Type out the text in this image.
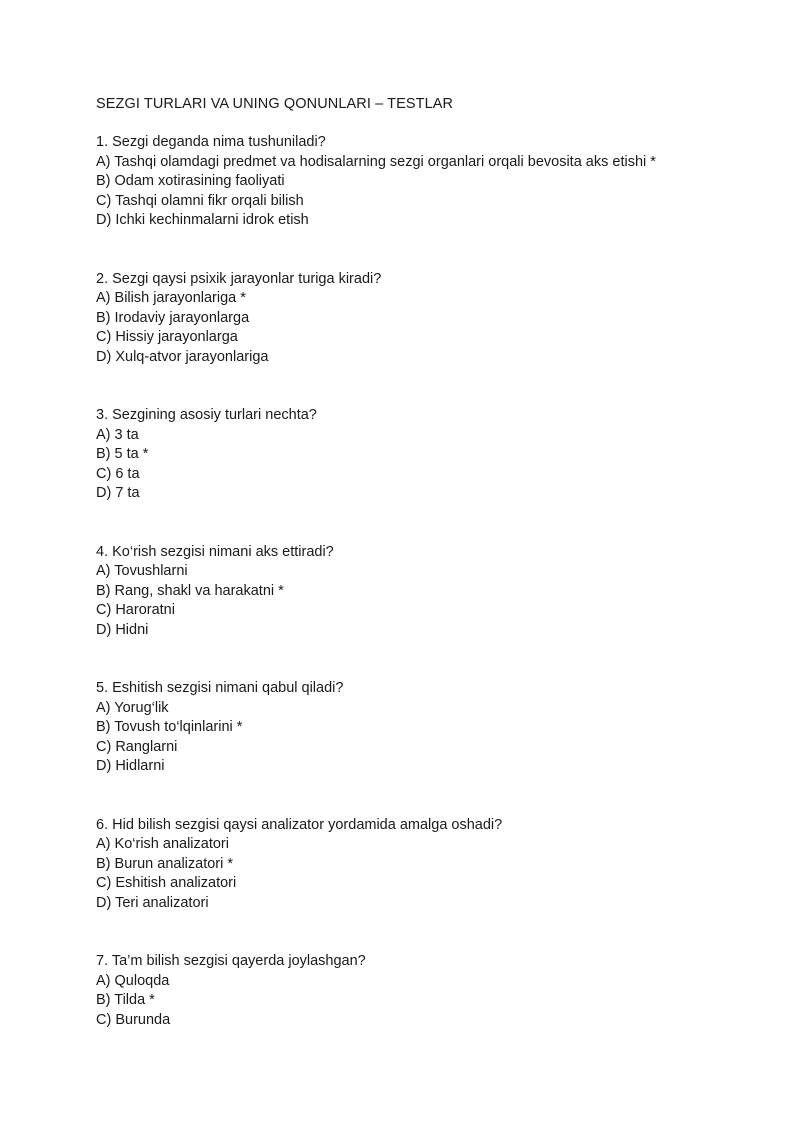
SEZGI TURLARI VA UNING QONUNLARI – TESTLAR
1. Sezgi deganda nima tushuniladi?
A) Tashqi olamdagi predmet va hodisalarning sezgi organlari orqali bevosita aks etishi *
B) Odam xotirasining faoliyati
C) Tashqi olamni fikr orqali bilish
D) Ichki kechinmalarni idrok etish
2. Sezgi qaysi psixik jarayonlar turiga kiradi?
A) Bilish jarayonlariga *
B) Irodaviy jarayonlarga
C) Hissiy jarayonlarga
D) Xulq-atvor jarayonlariga
3. Sezgining asosiy turlari nechta?
A) 3 ta
B) 5 ta *
C) 6 ta
D) 7 ta
4. Ko‘rish sezgisi nimani aks ettiradi?
A) Tovushlarni
B) Rang, shakl va harakatni *
C) Haroratni
D) Hidni
5. Eshitish sezgisi nimani qabul qiladi?
A) Yorug‘lik
B) Tovush to‘lqinlarini *
C) Ranglarni
D) Hidlarni
6. Hid bilish sezgisi qaysi analizator yordamida amalga oshadi?
A) Ko‘rish analizatori
B) Burun analizatori *
C) Eshitish analizatori
D) Teri analizatori
7. Ta’m bilish sezgisi qayerda joylashgan?
A) Quloqda
B) Tilda *
C) Burunda
